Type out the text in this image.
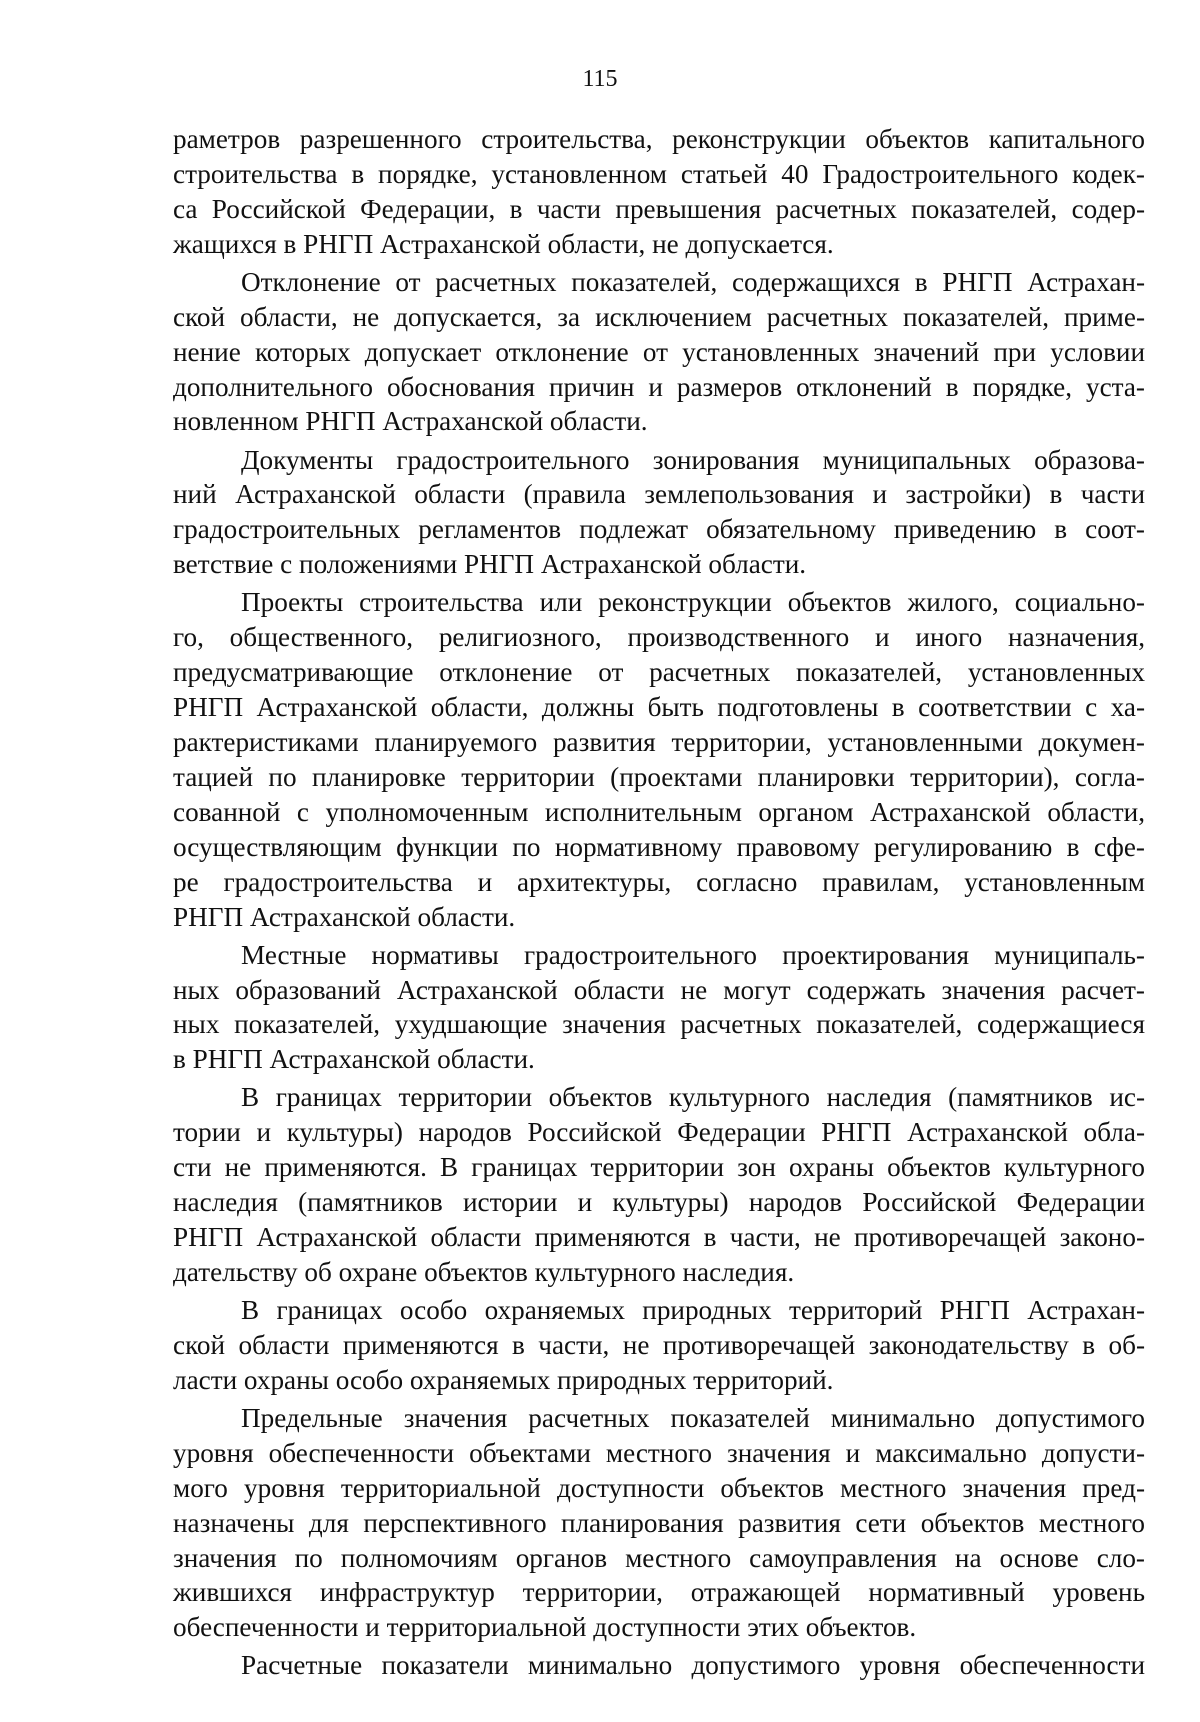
115

раметров разрешенного строительства, реконструкции объектов капитального
строительства в порядке, установленном статьей 40 Градостроительного кодек-
са Российской Федерации, в части превышения расчетных показателей, содер-
жащихся в РНГП Астраханской области, не допускается.

Отклонение от расчетных показателей, содержащихся в РНГП Астрахан-
ской области, не допускается, за исключением расчетных показателей, приме-
нение которых допускает отклонение от установленных значений при условии
дополнительного обоснования причин и размеров отклонений в порядке, уста-
новленном РНГП Астраханской области.

Документы градостроительного зонирования муниципальных образова-
ний Астраханской области (правила землепользования и застройки) в части
градостроительных регламентов подлежат обязательному приведению в соот-
ветствие с положениями РНГП Астраханской области.

Проекты строительства или реконструкции объектов жилого, социально-
го, общественного, религиозного, производственного и иного назначения,
предусматривающие отклонение от расчетных показателей, установленных
РНГП Астраханской области, должны быть подготовлены в соответствии с ха-
рактеристиками планируемого развития территории, установленными докумен-
тацией по планировке территории (проектами планировки территории), согла-
сованной с уполномоченным исполнительным органом Астраханской области,
осуществляющим функции по нормативному правовому регулированию в сфе-
ре градостроительства и архитектуры, согласно правилам, установленным
РНГП Астраханской области.

Местные нормативы градостроительного проектирования муниципаль-
ных образований Астраханской области не могут содержать значения расчет-
ных показателей, ухудшающие значения расчетных показателей, содержащиеся
в РНГП Астраханской области.

В границах территории объектов культурного наследия (памятников ис-
тории и культуры) народов Российской Федерации РНГП Астраханской обла-
сти не применяются. В границах территории зон охраны объектов культурного
наследия (памятников истории и культуры) народов Российской Федерации
РНГП Астраханской области применяются в части, не противоречащей законо-
дательству об охране объектов культурного наследия.

В границах особо охраняемых природных территорий РНГП Астрахан-
ской области применяются в части, не противоречащей законодательству в об-
ласти охраны особо охраняемых природных территорий.

Предельные значения расчетных показателей минимально допустимого
уровня обеспеченности объектами местного значения и максимально допусти-
мого уровня территориальной доступности объектов местного значения пред-
назначены для перспективного планирования развития сети объектов местного
значения по полномочиям органов местного самоуправления на основе сло-
жившихся инфраструктур территории, отражающей нормативный уровень
обеспеченности и территориальной доступности этих объектов.

Расчетные показатели минимально допустимого уровня обеспеченности
